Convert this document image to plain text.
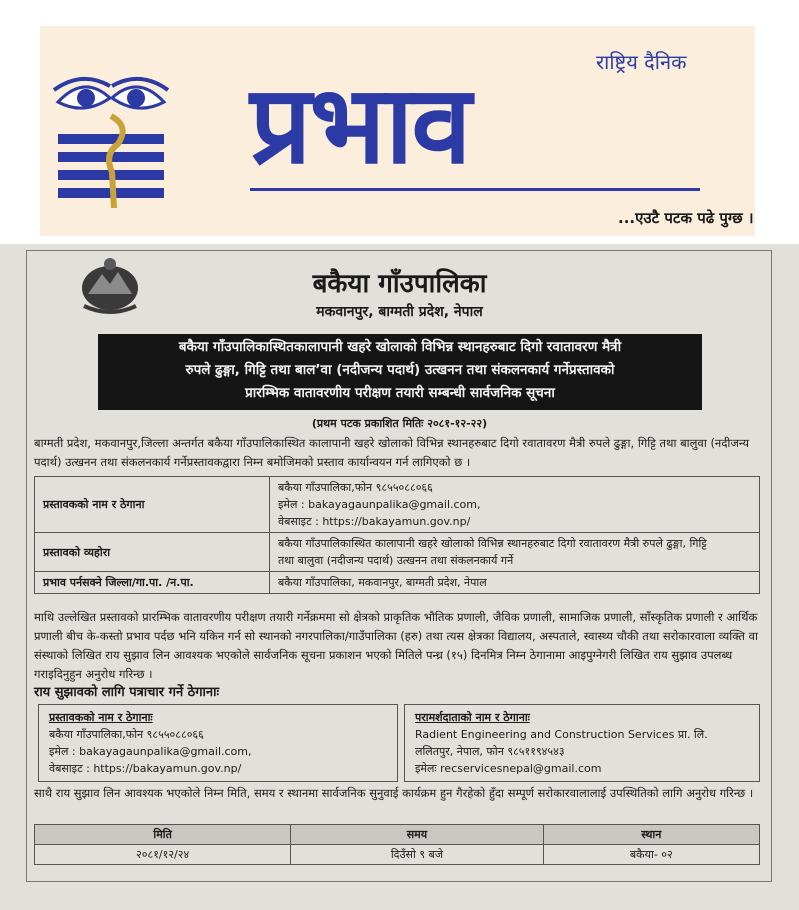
राष्ट्रिय दैनिक
प्रभाव
...एउटै पटक पढे पुग्छ ।
बकैया गाँउपालिका
मकवानपुर, बाग्मती प्रदेश, नेपाल
बकैया गाँउपालिकास्थितकालापानी खहरे खोलाको विभिन्न स्थानहरुबाट दिगो रवातावरण मैत्री
रुपले ढुङ्गा, गिट्टि तथा बाल’वा (नदीजन्य पदार्थ) उत्खनन तथा संकलनकार्य गर्नेप्रस्तावको
प्रारम्भिक वातावरणीय परीक्षण तयारी सम्बन्धी सार्वजनिक सूचना
(प्रथम पटक प्रकाशित मितिः २०८१-१२-२२)
बाग्मती प्रदेश, मकवानपुर,जिल्ला अन्तर्गत बकैया गाँउपालिकास्थित कालापानी खहरे खोलाको विभिन्न स्थानहरुबाट दिगो रवातावरण मैत्री रुपले ढुङ्गा, गिट्टि तथा बालुवा (नदीजन्य पदार्थ) उत्खनन तथा संकलनकार्य गर्नेप्रस्तावकद्वारा निम्न बमोजिमको प्रस्ताव कार्यान्वयन गर्न लागिएको छ ।
प्रस्तावकको नाम र ठेगाना	बकैया गाँउपालिका,फोन ९८५५०८८०६६
इमेल : bakayagaunpalika@gmail.com,
वेबसाइट : https://bakayamun.gov.np/

प्रस्तावको व्यहोरा	बकैया गाँउपालिकास्थित कालापानी खहरे खोलाको विभिन्न स्थानहरुबाट दिगो रवातावरण मैत्री रुपले ढुङ्गा, गिट्टि
तथा बालुवा (नदीजन्य पदार्थ) उत्खनन तथा संकलनकार्य गर्ने

प्रभाव पर्नसक्ने जिल्ला/गा.पा. /न.पा.	बकैया गाँउपालिका, मकवानपुर, बाग्मती प्रदेश, नेपाल
माथि उल्लेखित प्रस्तावको प्रारम्भिक वातावरणीय परीक्षण तयारी गर्नेक्रममा सो क्षेत्रको प्राकृतिक भौतिक प्रणाली, जैविक प्रणाली, सामाजिक प्रणाली, साँस्कृतिक प्रणाली र आर्थिक प्रणाली बीच के-कस्तो प्रभाव पर्दछ भनि यकिन गर्न सो स्थानको नगरपालिका/गाउँपालिका (हरु) तथा त्यस क्षेत्रका विद्यालय, अस्पताले, स्वास्थ्य चौकी तथा सरोकारवाला व्यक्ति वा संस्थाको लिखित राय सुझाव लिन आवश्यक भएकोले सार्वजनिक सूचना प्रकाशन भएको मितिले पन्ध्र (१५) दिनमित्र निम्न ठेगानामा आइपुग्नेगरी लिखित राय सुझाव उपलब्ध गराइदिनुहुन अनुरोध गरिन्छ ।
राय सुझावको लागि पत्राचार गर्ने ठेगानाः
प्रस्तावकको नाम र ठेगानाः
बकैया गाँउपालिका,फोन ९८५५०८८०६६
इमेल : bakayagaunpalika@gmail.com,
वेबसाइट : https://bakayamun.gov.np/
परामर्शदाताको नाम र ठेगानाः
Radient Engineering and Construction Services प्रा. लि.
ललितपुर, नेपाल, फोन ९८५११९४५४३
इमेलः recservicesnepal@gmail.com
साथै राय सुझाव लिन आवश्यक भएकोले निम्न मिति, समय र स्थानमा सार्वजनिक सुनुवाई कार्यक्रम हुन गैरहेको हुँदा सम्पूर्ण सरोकारवालालाई उपस्थितिको लागि अनुरोध गरिन्छ ।
मिति	समय	स्थान
२०८१/१२/२४	दिउँसो ९ बजे	बकैया- ०२
